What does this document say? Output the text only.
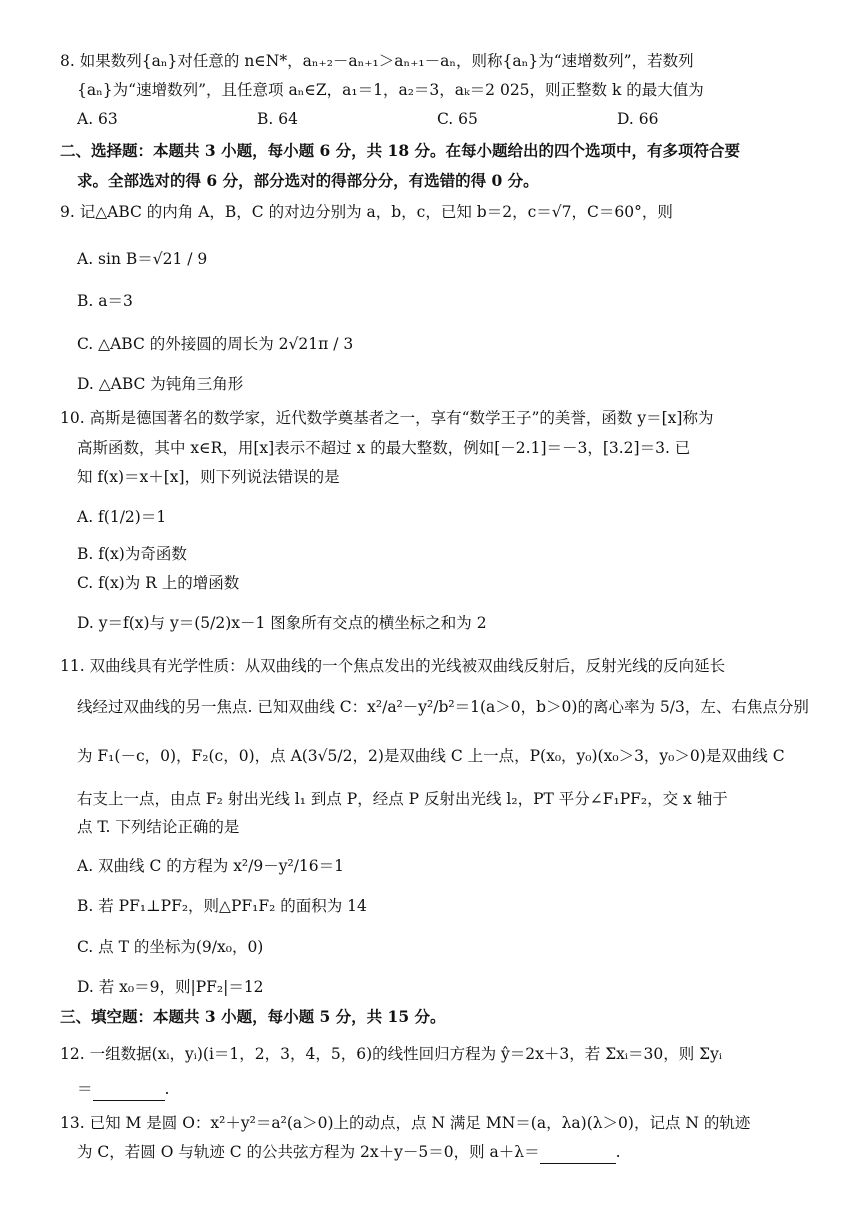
8. 如果数列{aₙ}对任意的 n∈N*，aₙ₊₂－aₙ₊₁＞aₙ₊₁－aₙ，则称{aₙ}为“速增数列”，若数列
{aₙ}为“速增数列”，且任意项 aₙ∈Z，a₁＝1，a₂＝3，aₖ＝2 025，则正整数 k 的最大值为
A. 63	B. 64	C. 65	D. 66
二、选择题：本题共 3 小题，每小题 6 分，共 18 分。在每小题给出的四个选项中，有多项符合要
求。全部选对的得 6 分，部分选对的得部分分，有选错的得 0 分。
9. 记△ABC 的内角 A，B，C 的对边分别为 a，b，c，已知 b＝2，c＝√7，C＝60°，则
A. sin B＝√21 / 9
B. a＝3
C. △ABC 的外接圆的周长为 2√21π / 3
D. △ABC 为钝角三角形
10. 高斯是德国著名的数学家，近代数学奠基者之一，享有“数学王子”的美誉，函数 y＝[x]称为
高斯函数，其中 x∈R，用[x]表示不超过 x 的最大整数，例如[－2.1]＝－3，[3.2]＝3. 已
知 f(x)＝x＋[x]，则下列说法错误的是
A. f(1/2)＝1
B. f(x)为奇函数
C. f(x)为 R 上的增函数
D. y＝f(x)与 y＝(5/2)x－1 图象所有交点的横坐标之和为 2
11. 双曲线具有光学性质：从双曲线的一个焦点发出的光线被双曲线反射后，反射光线的反向延长
线经过双曲线的另一焦点. 已知双曲线 C：x²/a²－y²/b²＝1(a＞0，b＞0)的离心率为 5/3，左、右焦点分别
为 F₁(－c，0)，F₂(c，0)，点 A(3√5/2，2)是双曲线 C 上一点，P(x₀，y₀)(x₀＞3，y₀＞0)是双曲线 C
右支上一点，由点 F₂ 射出光线 l₁ 到点 P，经点 P 反射出光线 l₂，PT 平分∠F₁PF₂，交 x 轴于
点 T. 下列结论正确的是
A. 双曲线 C 的方程为 x²/9－y²/16＝1
B. 若 PF₁⊥PF₂，则△PF₁F₂ 的面积为 14
C. 点 T 的坐标为(9/x₀，0)
D. 若 x₀＝9，则|PF₂|＝12
三、填空题：本题共 3 小题，每小题 5 分，共 15 分。
12. 一组数据(xᵢ，yᵢ)(i＝1，2，3，4，5，6)的线性回归方程为 ŷ＝2x＋3，若 Σxᵢ＝30，则 Σyᵢ
＝	.
13. 已知 M 是圆 O：x²＋y²＝a²(a＞0)上的动点，点 N 满足 MN＝(a，λa)(λ＞0)，记点 N 的轨迹
为 C，若圆 O 与轨迹 C 的公共弦方程为 2x＋y－5＝0，则 a＋λ＝	.
